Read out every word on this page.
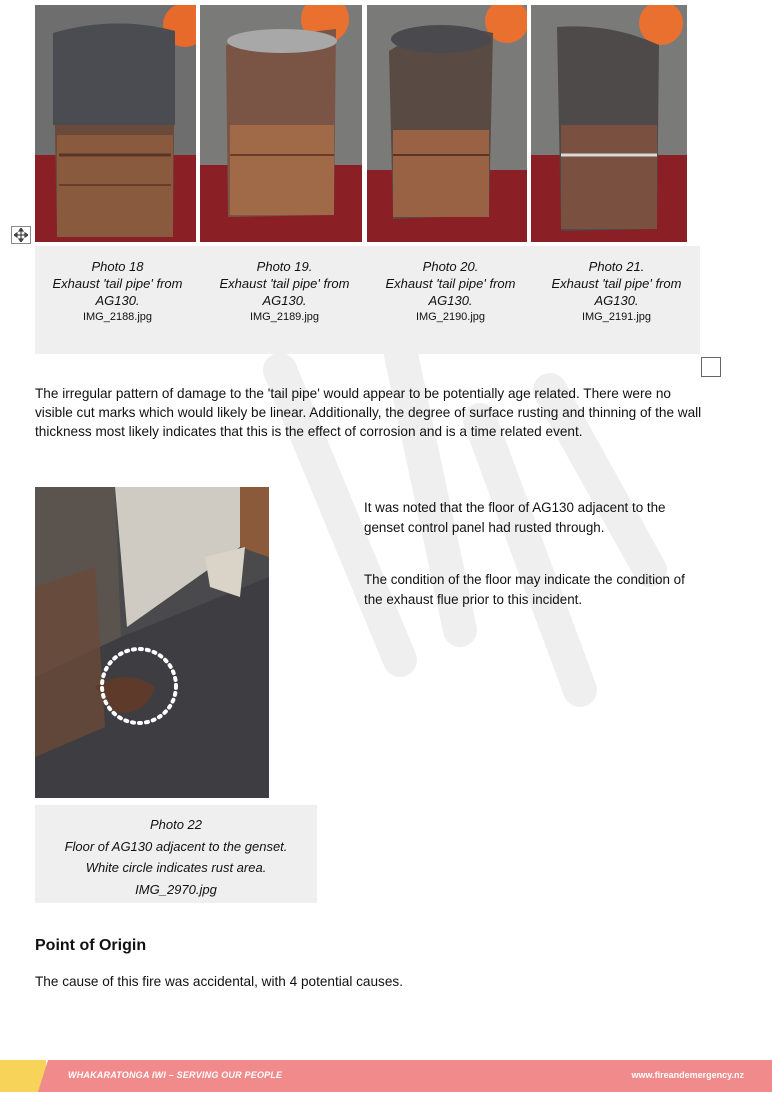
Photo 18
Exhaust 'tail pipe' from AG130.
IMG_2188.jpg
Photo 19.
Exhaust 'tail pipe' from AG130.
IMG_2189.jpg
Photo 20.
Exhaust 'tail pipe' from AG130.
IMG_2190.jpg
Photo 21.
Exhaust 'tail pipe' from AG130.
IMG_2191.jpg
The irregular pattern of damage to the 'tail pipe' would appear to be potentially age related. There were no visible cut marks which would likely be linear. Additionally, the degree of surface rusting and thinning of the wall thickness most likely indicates that this is the effect of corrosion and is a time related event.
Photo 22
Floor of AG130 adjacent to the genset.
White circle indicates rust area.
IMG_2970.jpg
It was noted that the floor of AG130 adjacent to the genset control panel had rusted through.
The condition of the floor may indicate the condition of the exhaust flue prior to this incident.
Point of Origin
The cause of this fire was accidental, with 4 potential causes.
WHAKARATONGA IWI – SERVING OUR PEOPLE	www.fireandemergency.nz
